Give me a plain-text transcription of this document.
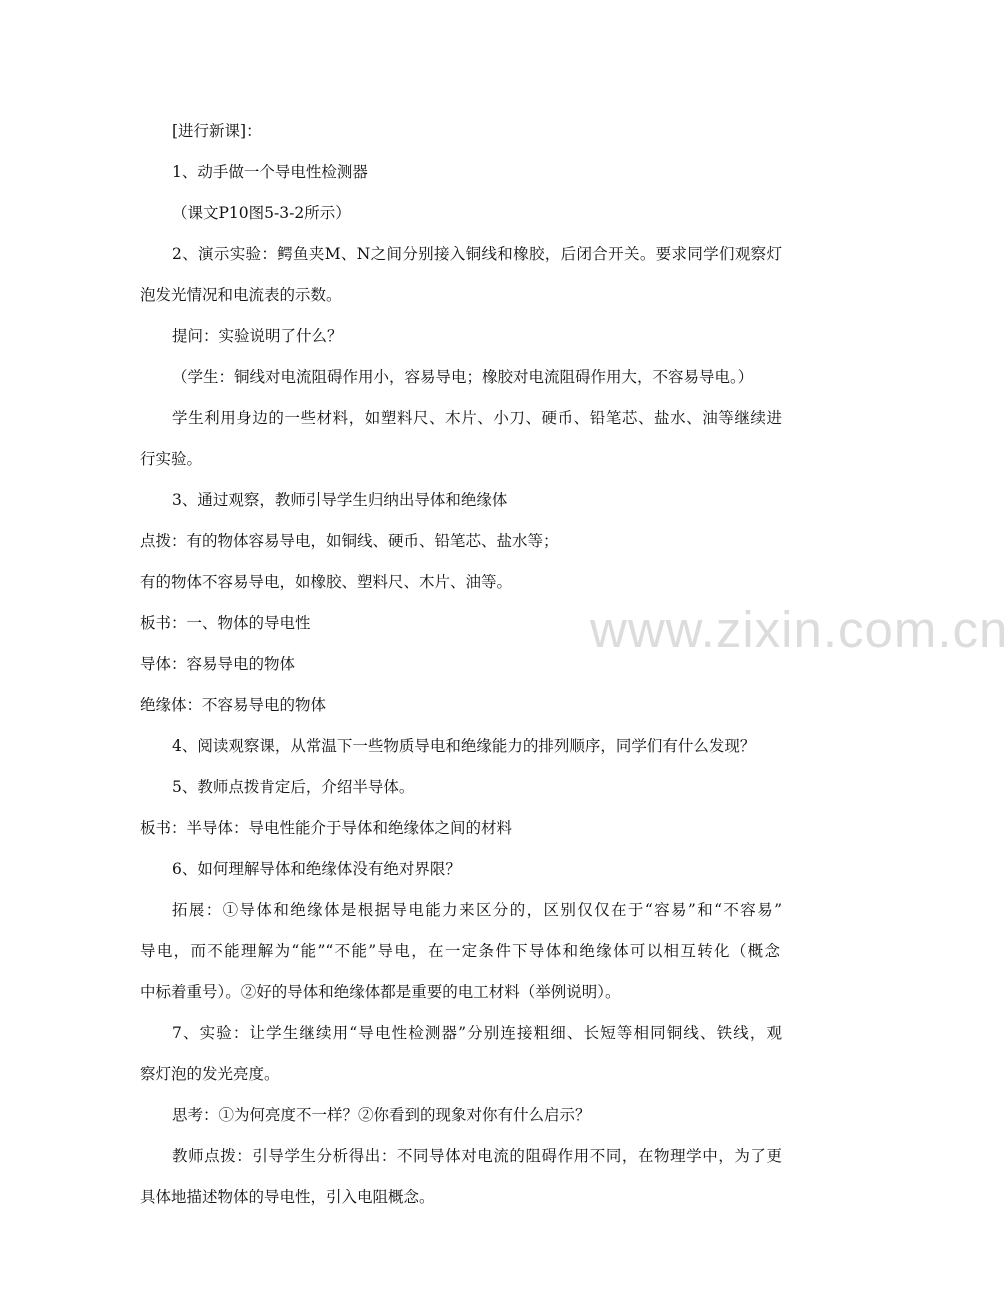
www.zixin.com.cn
[进行新课]：
1、动手做一个导电性检测器
（课文P10图5-3-2所示）
2、演示实验：鳄鱼夹M、N之间分别接入铜线和橡胶，后闭合开关。要求同学们观察灯
泡发光情况和电流表的示数。
提问：实验说明了什么？
（学生：铜线对电流阻碍作用小，容易导电；橡胶对电流阻碍作用大，不容易导电。）
学生利用身边的一些材料，如塑料尺、木片、小刀、硬币、铅笔芯、盐水、油等继续进
行实验。
3、通过观察，教师引导学生归纳出导体和绝缘体
点拨：有的物体容易导电，如铜线、硬币、铅笔芯、盐水等；
有的物体不容易导电，如橡胶、塑料尺、木片、油等。
板书：一、物体的导电性
导体：容易导电的物体
绝缘体：不容易导电的物体
4、阅读观察课，从常温下一些物质导电和绝缘能力的排列顺序，同学们有什么发现？
5、教师点拨肯定后，介绍半导体。
板书：半导体：导电性能介于导体和绝缘体之间的材料
6、如何理解导体和绝缘体没有绝对界限？
拓展：①导体和绝缘体是根据导电能力来区分的，区别仅仅在于“容易”和“不容易”
导电，而不能理解为“能”“不能”导电，在一定条件下导体和绝缘体可以相互转化（概念
中标着重号）。②好的导体和绝缘体都是重要的电工材料（举例说明）。
7、实验：让学生继续用“导电性检测器”分别连接粗细、长短等相同铜线、铁线，观
察灯泡的发光亮度。
思考：①为何亮度不一样？②你看到的现象对你有什么启示？
教师点拨：引导学生分析得出：不同导体对电流的阻碍作用不同，在物理学中，为了更
具体地描述物体的导电性，引入电阻概念。
